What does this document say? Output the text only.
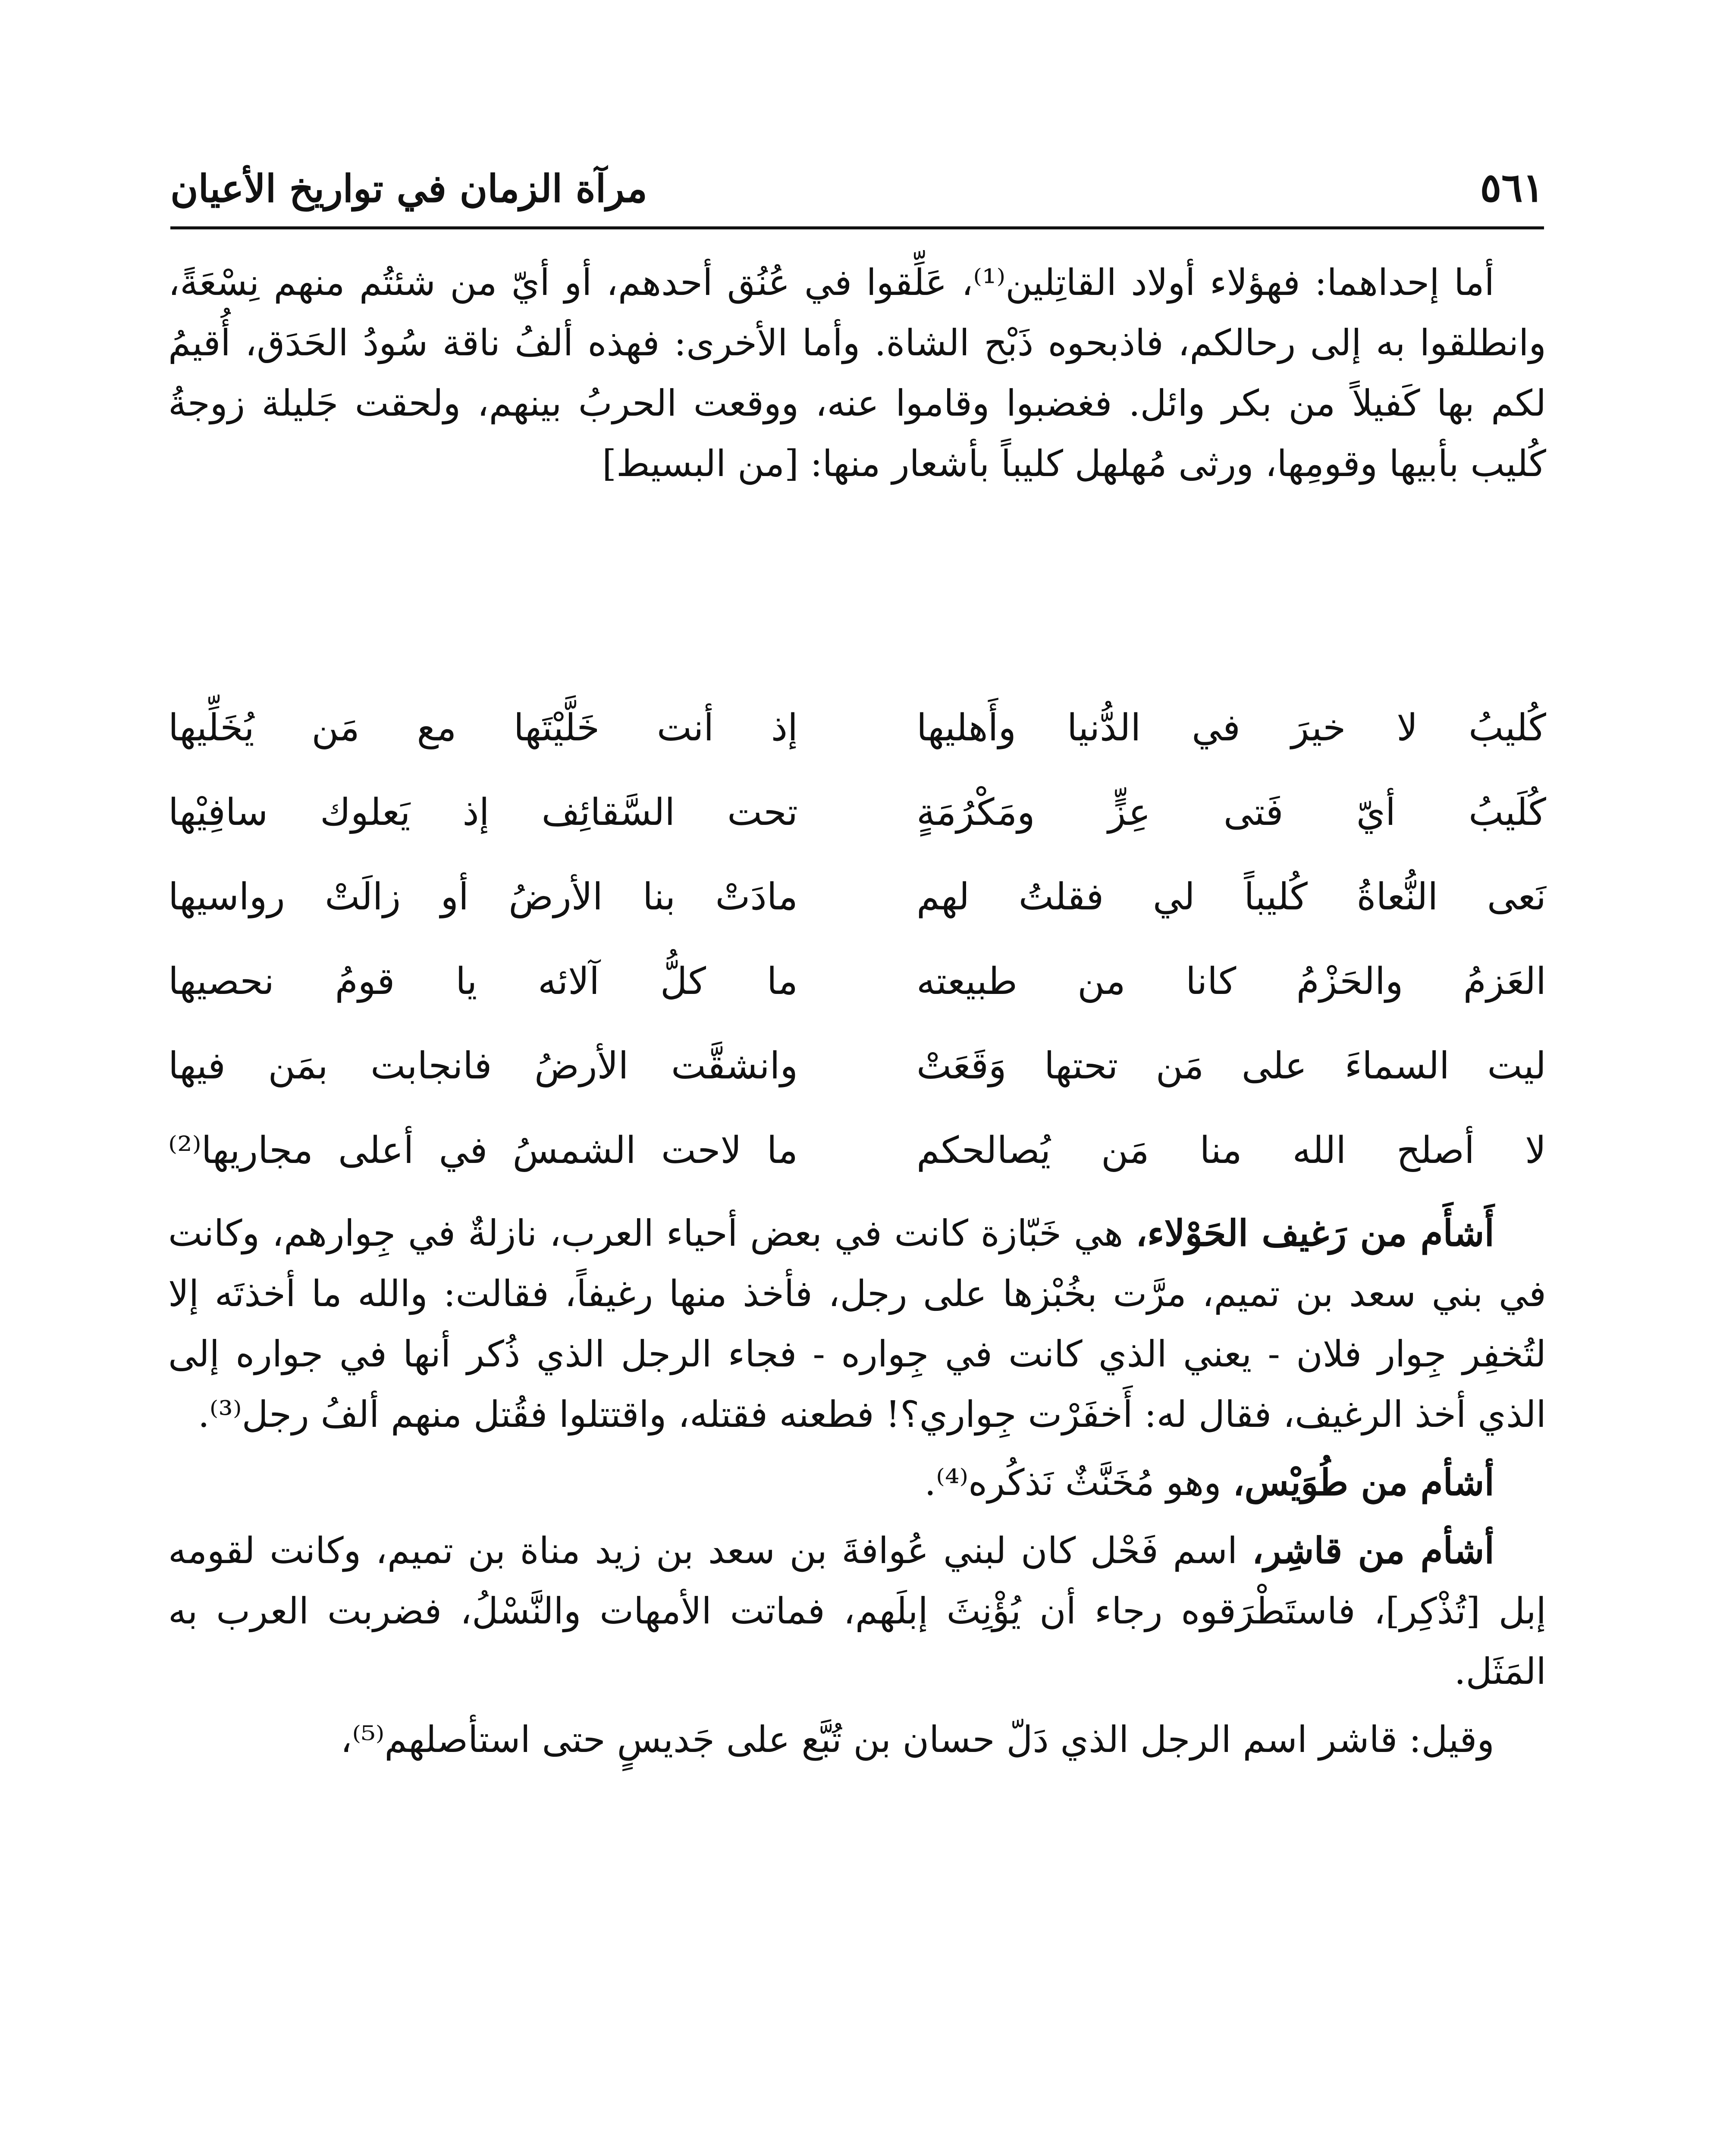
مرآة الزمان في تواريخ الأعيان	٥٦١

أما إحداهما: فهؤلاء أولاد القاتِلين⁽¹⁾، عَلِّقوا في عُنُق أحدهم، أو أيّ من شئتُم منهم نِسْعَةً، وانطلقوا به إلى رحالكم، فاذبحوه ذَبْح الشاة. وأما الأخرى: فهذه ألفُ ناقة سُودُ الحَدَق، أُقيمُ لكم بها كَفيلاً من بكر وائل. فغضبوا وقاموا عنه، ووقعت الحربُ بينهم، ولحقت جَليلة زوجةُ كُليب بأبيها وقومِها، ورثى مُهلهل كليباً بأشعار منها: [من البسيط]

كُليبُ لا خيرَ في الدُّنيا وأَهليها
إذ أنت خَلَّيْتَها مع مَن يُخَلِّيها
كُلَيبُ أيّ فَتى عِزٍّ ومَكْرُمَةٍ
تحت السَّقائِف إذ يَعلوك سافِيْها
نَعى النُّعاةُ كُليباً لي فقلتُ لهم
مادَتْ بنا الأرضُ أو زالَتْ رواسيها
العَزمُ والحَزْمُ كانا من طبيعته
ما كلُّ آلائه يا قومُ نحصيها
ليت السماءَ على مَن تحتها وَقَعَتْ
وانشقَّت الأرضُ فانجابت بمَن فيها
لا أصلح الله منا مَن يُصالحكم
ما لاحت الشمسُ في أعلى مجاريها⁽²⁾

أَشأَم من رَغيف الحَوْلاء، هي خَبّازة كانت في بعض أحياء العرب، نازلةٌ في جِوارهم، وكانت في بني سعد بن تميم، مرَّت بخُبْزها على رجل، فأخذ منها رغيفاً، فقالت: والله ما أخذتَه إلا لتُخفِر جِوار فلان - يعني الذي كانت في جِواره - فجاء الرجل الذي ذُكر أنها في جواره إلى الذي أخذ الرغيف، فقال له: أَخفَرْت جِواري؟! فطعنه فقتله، واقتتلوا فقُتل منهم ألفُ رجل⁽³⁾.

أشأم من طُوَيْس، وهو مُخَنَّثٌ نَذكُره⁽⁴⁾.

أشأم من قاشِر، اسم فَحْل كان لبني عُوافةَ بن سعد بن زيد مناة بن تميم، وكانت لقومه إبل [تُذْكِر]، فاستَطْرَقوه رجاء أن يُؤْنِثَ إبلَهم، فماتت الأمهات والنَّسْلُ، فضربت العرب به المَثَل.

وقيل: قاشر اسم الرجل الذي دَلّ حسان بن تُبَّع على جَديسٍ حتى استأصلهم⁽⁵⁾،
